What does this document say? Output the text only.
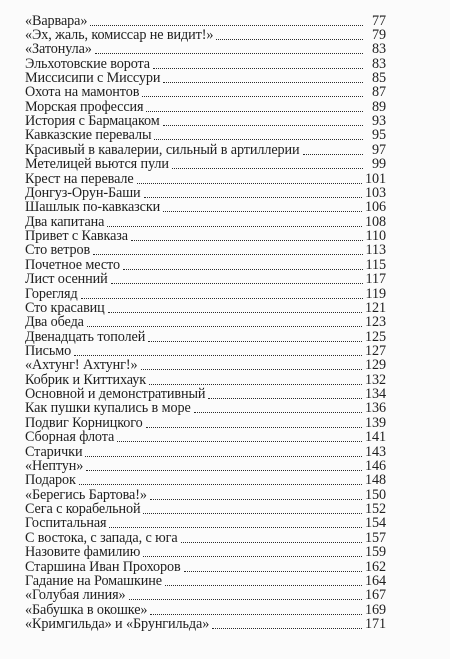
«Варвара»	77
«Эх, жаль, комиссар не видит!»	79
«Затонула»	83
Эльхотовские ворота	83
Миссисипи с Миссури	85
Охота на мамонтов	87
Морская профессия	89
История с Бармацаком	93
Кавказские перевалы	95
Красивый в кавалерии, сильный в артиллерии	97
Метелицей вьются пули	99
Крест на перевале	101
Донгуз-Орун-Баши	103
Шашлык по-кавказски	106
Два капитана	108
Привет с Кавказа	110
Сто ветров	113
Почетное место	115
Лист осенний	117
Горегляд	119
Сто красавиц	121
Два обеда	123
Двенадцать тополей	125
Письмо	127
«Ахтунг! Ахтунг!»	129
Кобрик и Киттихаук	132
Основной и демонстративный	134
Как пушки купались в море	136
Подвиг Корницкого	139
Сборная флота	141
Старички	143
«Нептун»	146
Подарок	148
«Берегись Бартова!»	150
Сега с корабельной	152
Госпитальная	154
С востока, с запада, с юга	157
Назовите фамилию	159
Старшина Иван Прохоров	162
Гадание на Ромашкине	164
«Голубая линия»	167
«Бабушка в окошке»	169
«Кримгильда» и «Брунгильда»	171
